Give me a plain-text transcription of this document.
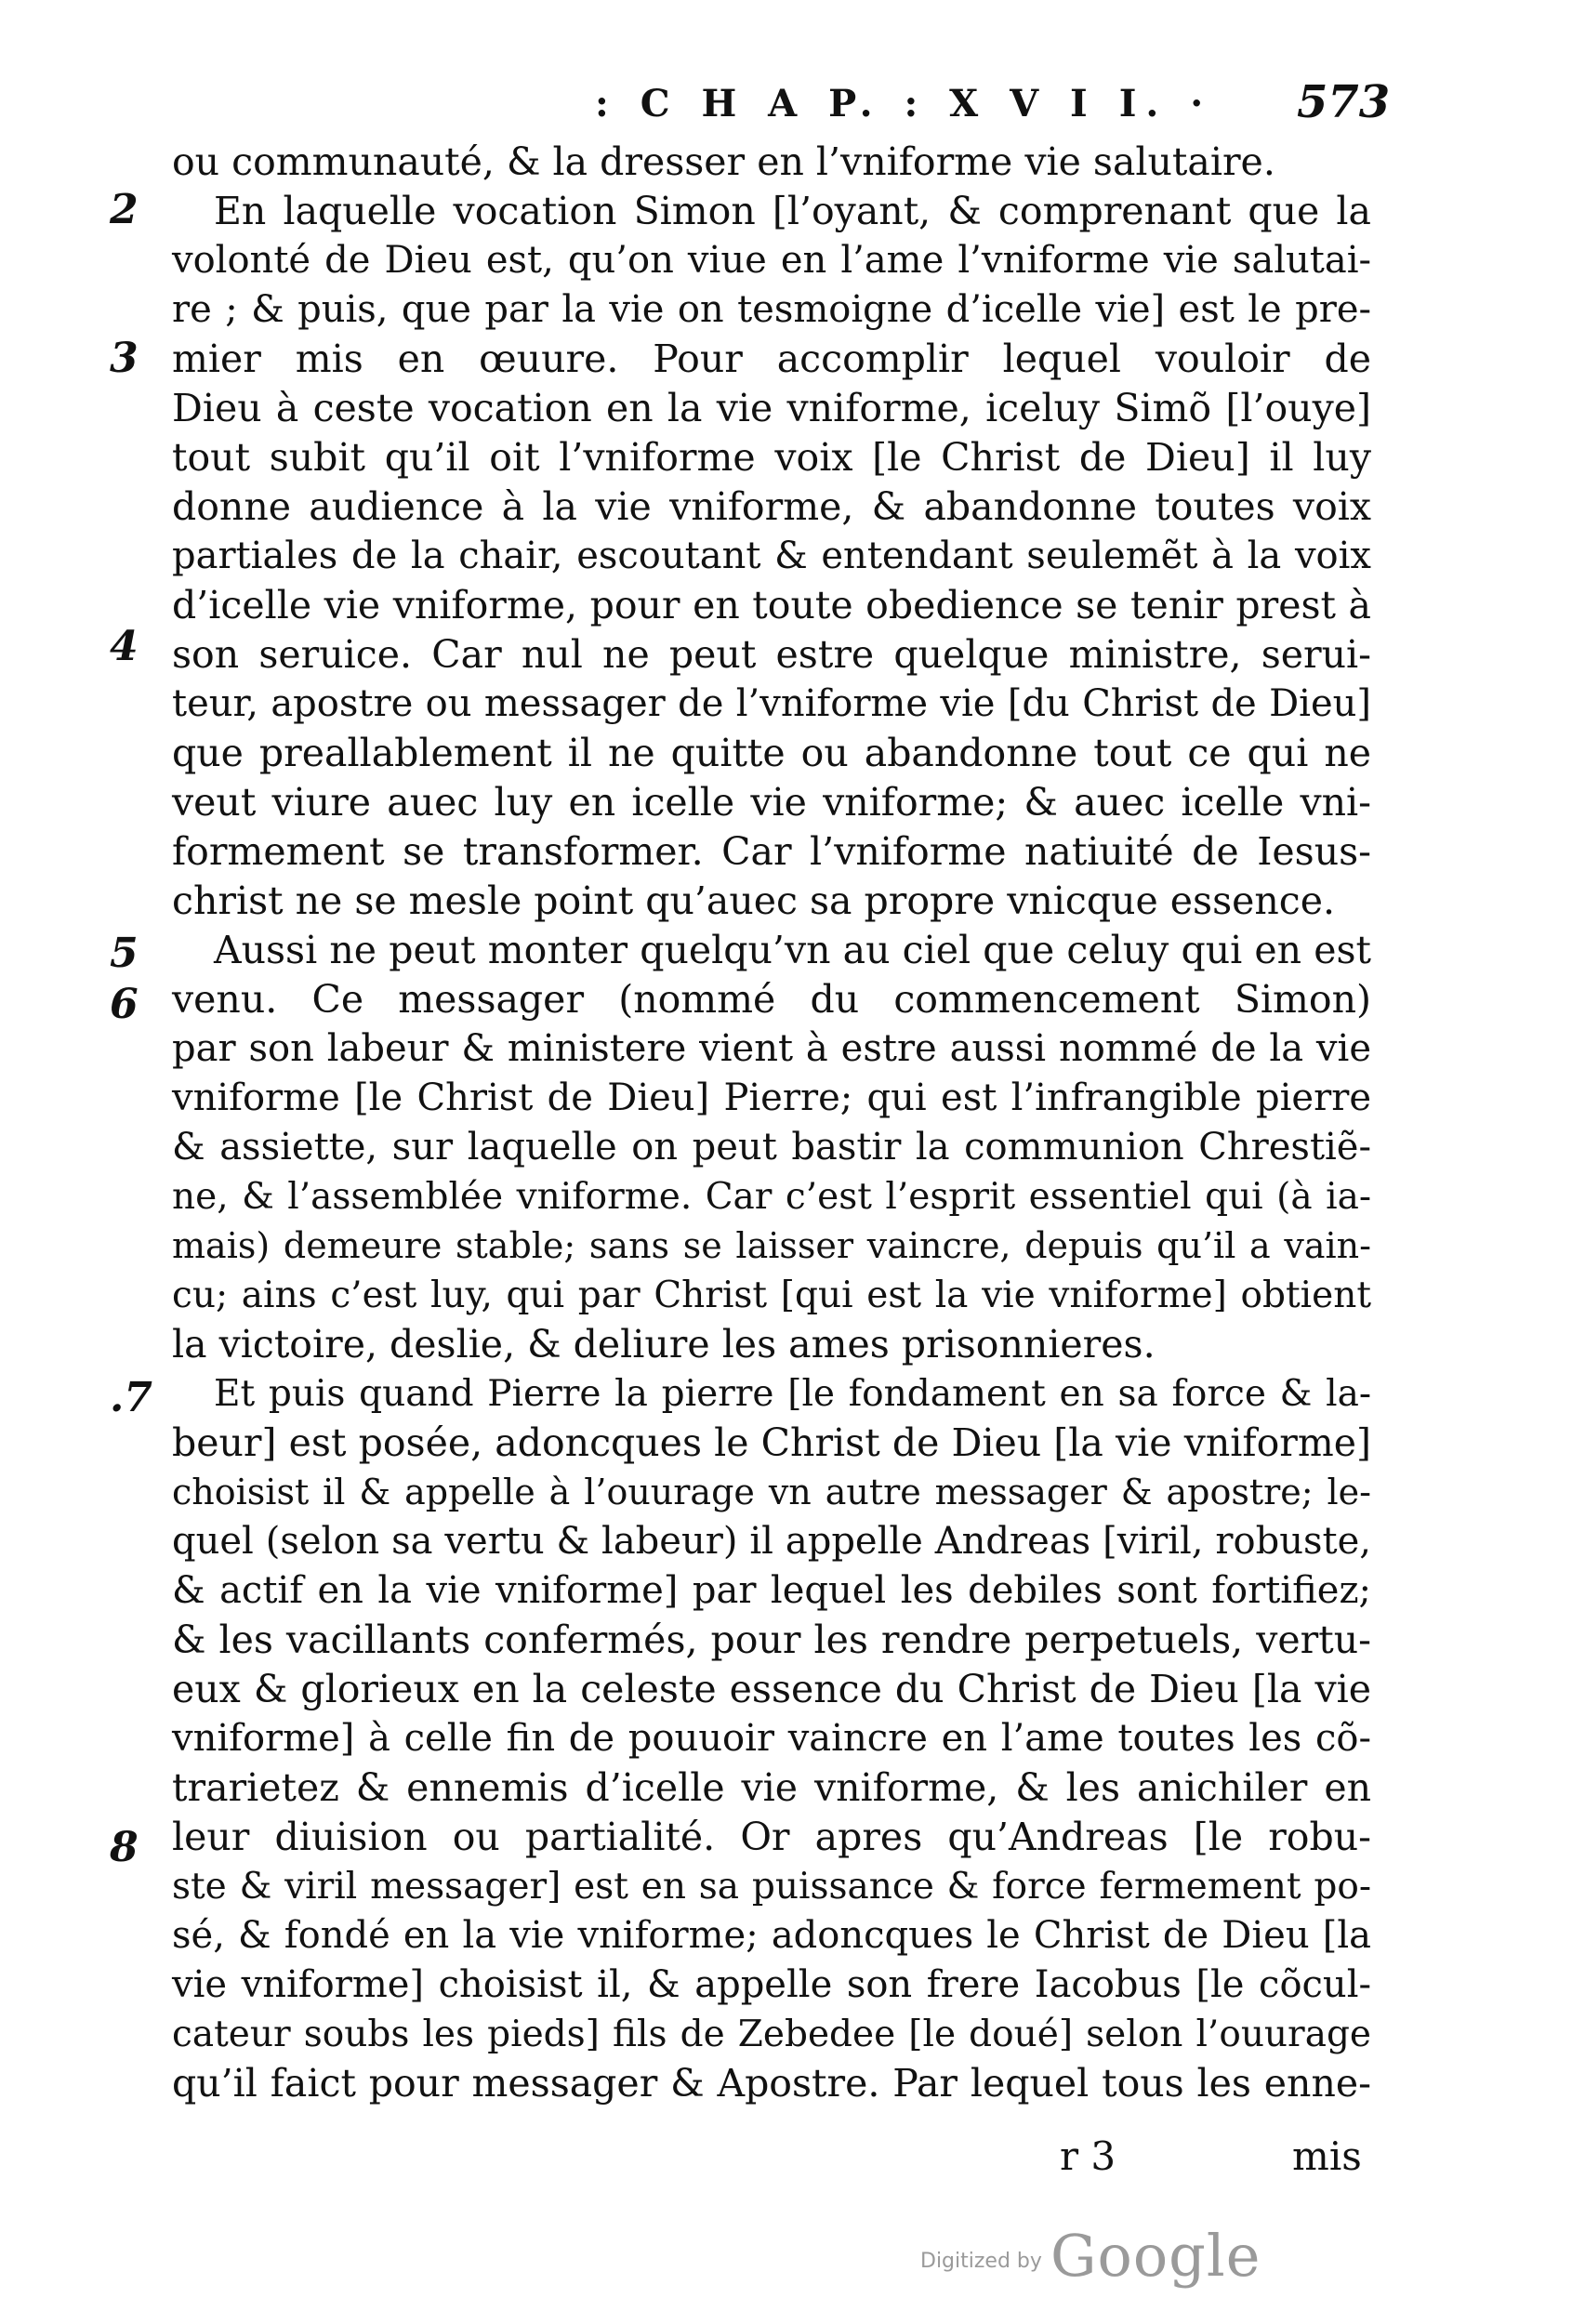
: C H A P. : X V I I. · 573
2
3
4
5
6
.7
8
ou communauté, & la dresser en l’vniforme vie salutaire.
En laquelle vocation Simon [l’oyant, & comprenant que la
volonté de Dieu est, qu’on viue en l’ame l’vniforme vie salutai-
re ; & puis, que par la vie on tesmoigne d’icelle vie] est le pre-
mier mis en œuure. Pour accomplir lequel vouloir de
Dieu à ceste vocation en la vie vniforme, iceluy Simõ [l’ouye]
tout subit qu’il oit l’vniforme voix [le Christ de Dieu] il luy
donne audience à la vie vniforme, & abandonne toutes voix
partiales de la chair, escoutant & entendant seulemẽt à la voix
d’icelle vie vniforme, pour en toute obedience se tenir prest à
son seruice. Car nul ne peut estre quelque ministre, serui-
teur, apostre ou messager de l’vniforme vie [du Christ de Dieu]
que preallablement il ne quitte ou abandonne tout ce qui ne
veut viure auec luy en icelle vie vniforme; & auec icelle vni-
formement se transformer. Car l’vniforme natiuité de Iesus-
christ ne se mesle point qu’auec sa propre vnicque essence.
Aussi ne peut monter quelqu’vn au ciel que celuy qui en est
venu. Ce messager (nommé du commencement Simon)
par son labeur & ministere vient à estre aussi nommé de la vie
vniforme [le Christ de Dieu] Pierre; qui est l’infrangible pierre
& assiette, sur laquelle on peut bastir la communion Chrestiẽ-
ne, & l’assemblée vniforme. Car c’est l’esprit essentiel qui (à ia-
mais) demeure stable; sans se laisser vaincre, depuis qu’il a vain-
cu; ains c’est luy, qui par Christ [qui est la vie vniforme] obtient
la victoire, deslie, & deliure les ames prisonnieres.
Et puis quand Pierre la pierre [le fondament en sa force & la-
beur] est posée, adoncques le Christ de Dieu [la vie vniforme]
choisist il & appelle à l’ouurage vn autre messager & apostre; le-
quel (selon sa vertu & labeur) il appelle Andreas [viril, robuste,
& actif en la vie vniforme] par lequel les debiles sont fortifiez;
& les vacillants confermés, pour les rendre perpetuels, vertu-
eux & glorieux en la celeste essence du Christ de Dieu [la vie
vniforme] à celle fin de pouuoir vaincre en l’ame toutes les cõ-
trarietez & ennemis d’icelle vie vniforme, & les anichiler en
leur diuision ou partialité. Or apres qu’Andreas [le robu-
ste & viril messager] est en sa puissance & force fermement po-
sé, & fondé en la vie vniforme; adoncques le Christ de Dieu [la
vie vniforme] choisist il, & appelle son frere Iacobus [le cõcul-
cateur soubs les pieds] fils de Zebedee [le doué] selon l’ouurage
qu’il faict pour messager & Apostre. Par lequel tous les enne-
r 3	mis
Digitized by Google
